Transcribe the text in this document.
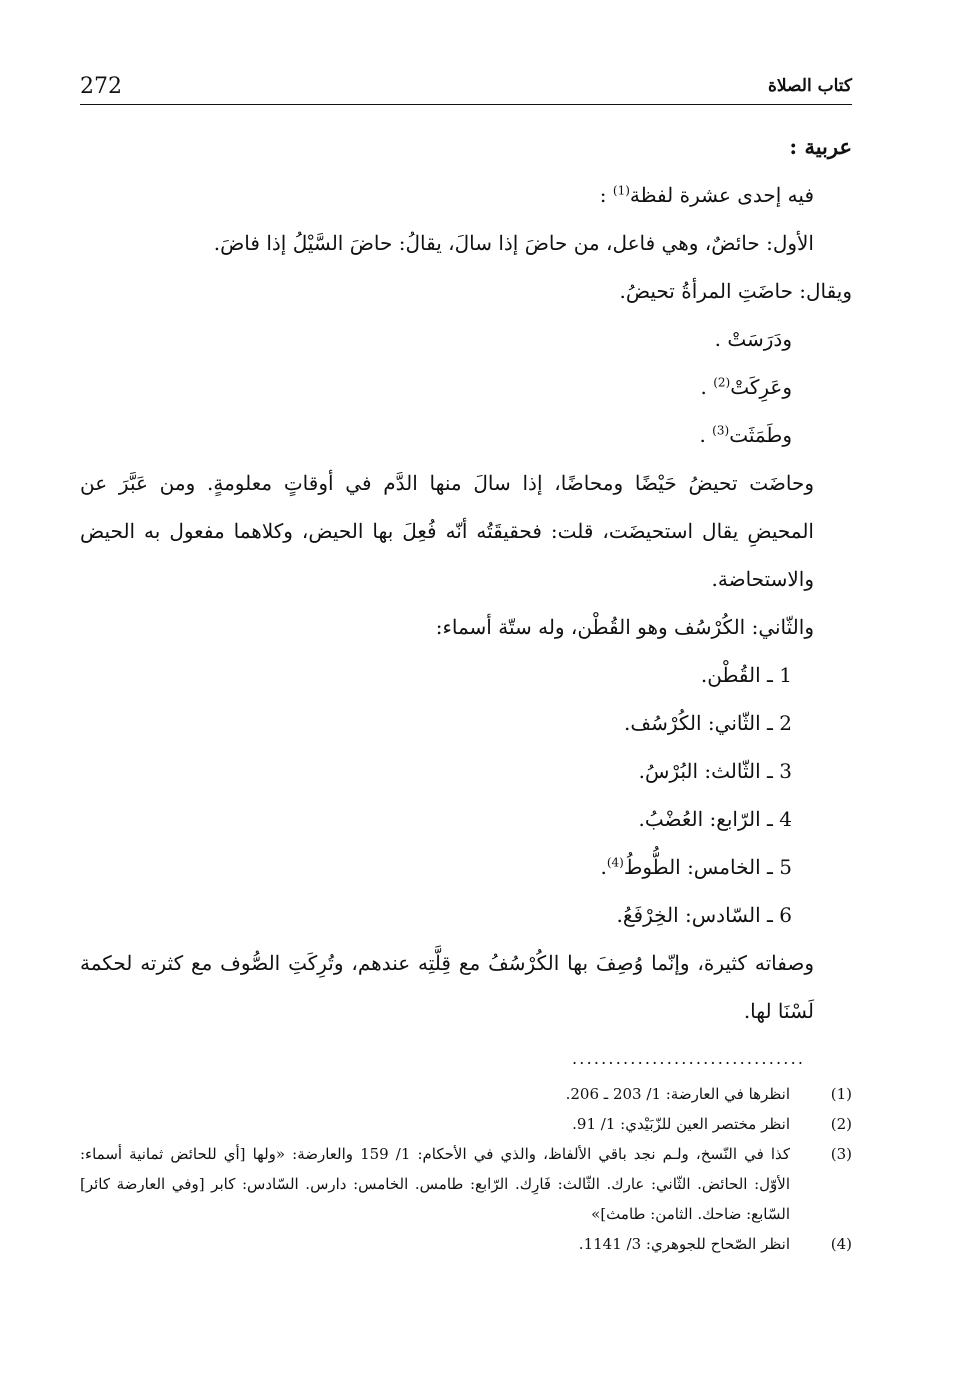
كتاب الصلاة
272

عربية :

فيه إحدى عشرة لفظة$^{(1)}$ :

الأول: حائضٌ، وهي فاعل، من حاضَ إذا سالَ، يقالُ: حاضَ السَّيْلُ إذا فاضَ.

ويقال: حاضَتِ المرأةُ تحيضُ.

ودَرَسَتْ .

وعَرِكَتْ$^{(2)}$ .

وطَمَثَت$^{(3)}$ .

وحاضَت تحيضُ حَيْضًا ومحاضًا، إذا سالَ منها الدَّم في أوقاتٍ معلومةٍ. ومن عَبَّرَ عن المحيضِ يقال استحيضَت، قلت: فحقيقَتُه أنّه فُعِلَ بها الحيض، وكلاهما مفعول به الحيض والاستحاضة.

والثّاني: الكُرْسُف وهو القُطْن، وله ستّة أسماء:

1 ـ القُطْن.

2 ـ الثّاني: الكُرْسُف.

3 ـ الثّالث: البُرْسُ.

4 ـ الرّابع: العُضْبُ.

5 ـ الخامس: الطُّوطُ$^{(4)}$.

6 ـ السّادس: الخِرْفَعُ.

وصفاته كثيرة، وإنّما وُصِفَ بها الكُرْسُفُ مع قِلَّتِه عندهم، وتُرِكَتِ الصُّوف مع كثرته لحكمة لَسْنَا لها.

................................
(1)
انظرها في العارضة: 1/ 203 ـ 206.
(2)
انظر مختصر العين للزّبَيْدي: 1/ 91.
(3)
كذا في النّسخ، ولـم نجد باقي الألفاظ، والذي في الأحكام: 1/ 159 والعارضة: «ولها [أي للحائض ثمانية أسماء: الأوّل: الحائض. الثّاني: عارك. الثّالث: فَارِك. الرّابع: طامس. الخامس: دارس. السّادس: كابر [وفي العارضة كائر] السّابع: ضاحك. الثامن: طامث]»
(4)
انظر الصّحاح للجوهري: 3/ 1141.
